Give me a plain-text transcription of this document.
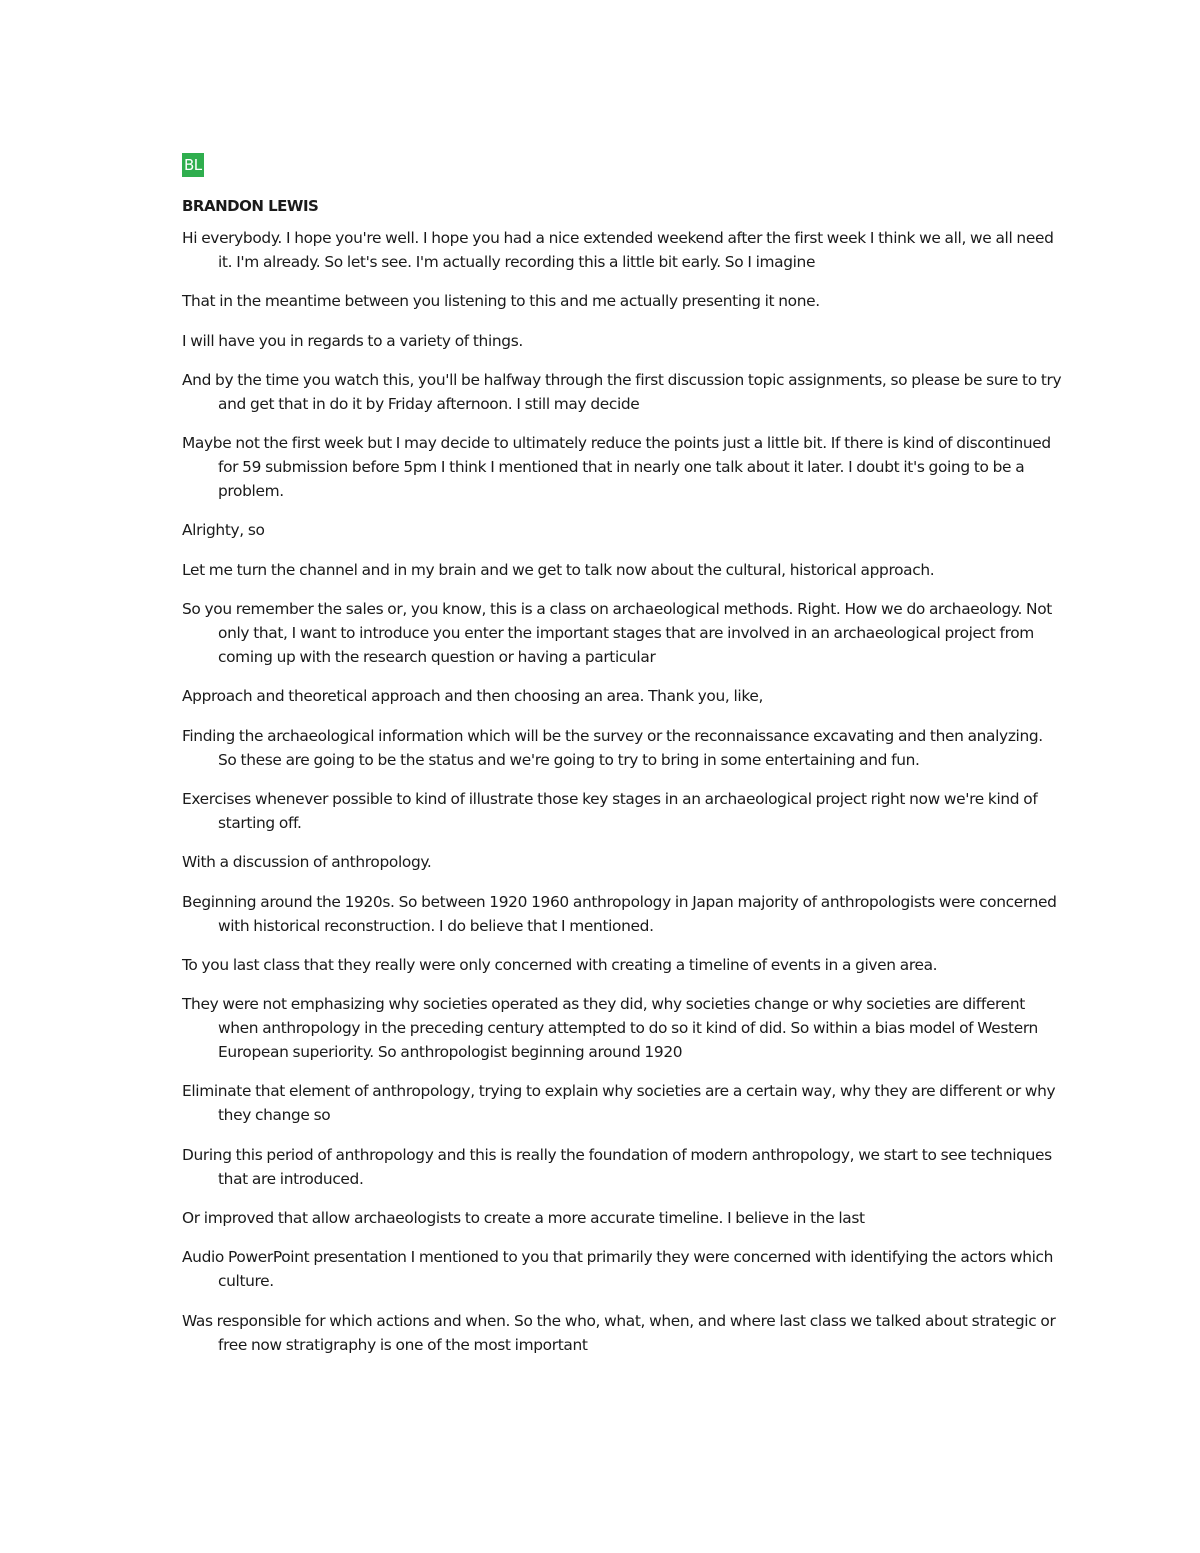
BL
BRANDON LEWIS

Hi everybody. I hope you're well. I hope you had a nice extended weekend after the first week I think we all, we all need it. I'm already. So let's see. I'm actually recording this a little bit early. So I imagine

That in the meantime between you listening to this and me actually presenting it none.

I will have you in regards to a variety of things.

And by the time you watch this, you'll be halfway through the first discussion topic assignments, so please be sure to try and get that in do it by Friday afternoon. I still may decide

Maybe not the first week but I may decide to ultimately reduce the points just a little bit. If there is kind of discontinued for 59 submission before 5pm I think I mentioned that in nearly one talk about it later. I doubt it's going to be a problem.

Alrighty, so

Let me turn the channel and in my brain and we get to talk now about the cultural, historical approach.

So you remember the sales or, you know, this is a class on archaeological methods. Right. How we do archaeology. Not only that, I want to introduce you enter the important stages that are involved in an archaeological project from coming up with the research question or having a particular

Approach and theoretical approach and then choosing an area. Thank you, like,

Finding the archaeological information which will be the survey or the reconnaissance excavating and then analyzing. So these are going to be the status and we're going to try to bring in some entertaining and fun.

Exercises whenever possible to kind of illustrate those key stages in an archaeological project right now we're kind of starting off.

With a discussion of anthropology.

Beginning around the 1920s. So between 1920 1960 anthropology in Japan majority of anthropologists were concerned with historical reconstruction. I do believe that I mentioned.

To you last class that they really were only concerned with creating a timeline of events in a given area.

They were not emphasizing why societies operated as they did, why societies change or why societies are different when anthropology in the preceding century attempted to do so it kind of did. So within a bias model of Western European superiority. So anthropologist beginning around 1920

Eliminate that element of anthropology, trying to explain why societies are a certain way, why they are different or why they change so

During this period of anthropology and this is really the foundation of modern anthropology, we start to see techniques that are introduced.

Or improved that allow archaeologists to create a more accurate timeline. I believe in the last

Audio PowerPoint presentation I mentioned to you that primarily they were concerned with identifying the actors which culture.

Was responsible for which actions and when. So the who, what, when, and where last class we talked about strategic or free now stratigraphy is one of the most important
